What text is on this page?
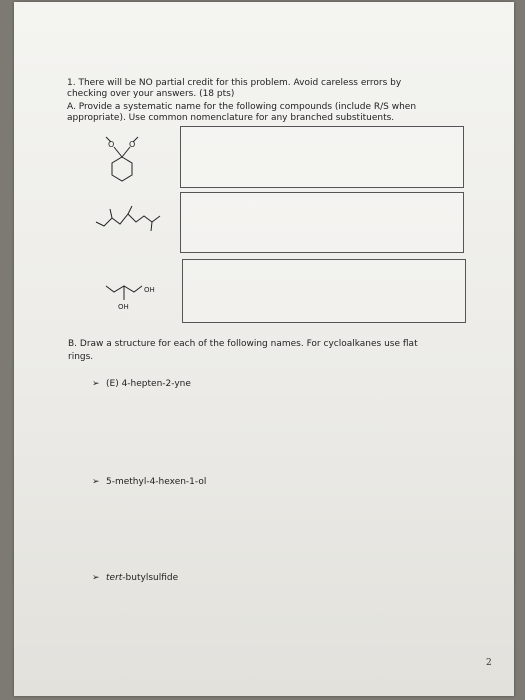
1. There will be NO partial credit for this problem. Avoid careless errors by
checking over your answers. (18 pts)
A. Provide a systematic name for the following compounds (include R/S when
appropriate). Use common nomenclature for any branched substituents.
O O
OH
OH
B. Draw a structure for each of the following names. For cycloalkanes use flat
rings.
➢ (E) 4-hepten-2-yne
➢ 5-methyl-4-hexen-1-ol
➢ tert-butylsulfide
2
